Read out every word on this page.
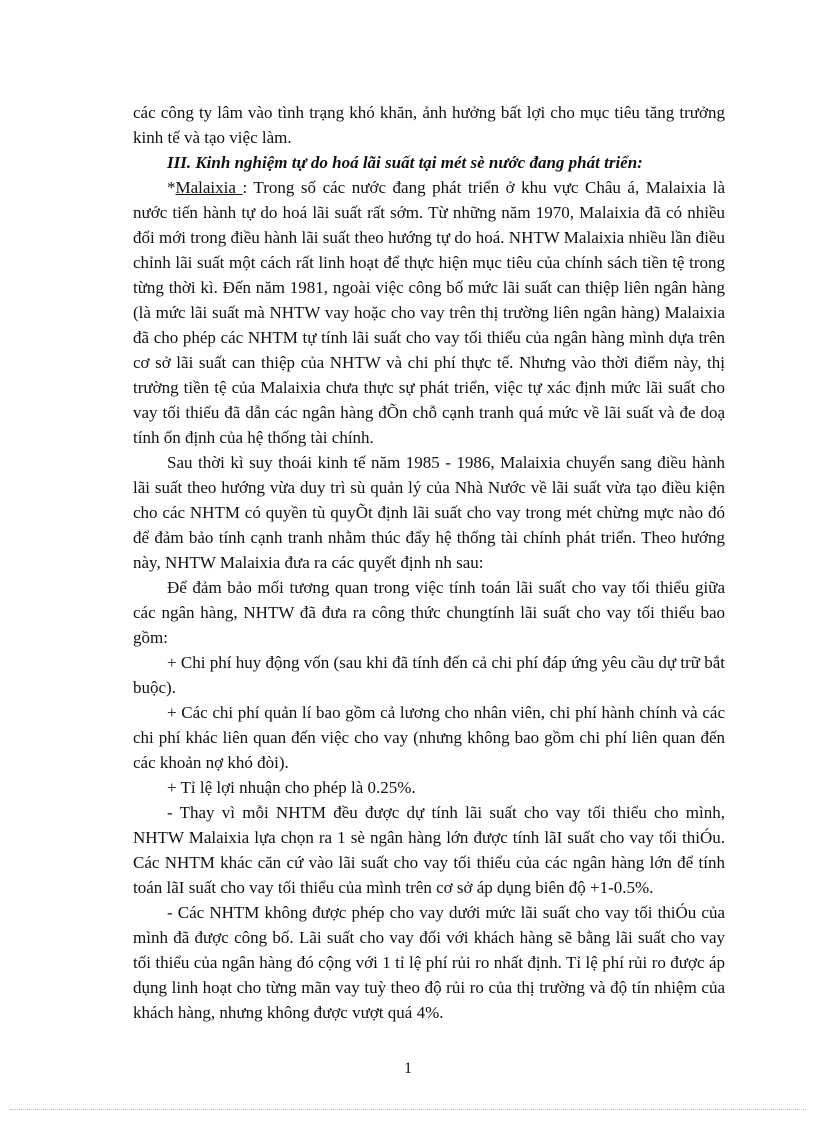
các công ty lâm vào tình trạng khó khăn, ảnh hưởng bất lợi cho mục tiêu tăng trưởng kinh tế và tạo việc làm.

III. Kinh nghiệm tự do hoá lãi suất tại mét sè nước đang phát triển:

*Malaixia : Trong số các nước đang phát triển ở khu vực Châu á, Malaixia là nước tiến hành tự do hoá lãi suất rất sớm. Từ những năm 1970, Malaixia đã có nhiều đổi mới trong điều hành lãi suất theo hướng tự do hoá. NHTW Malaixia nhiều lần điều chỉnh lãi suất một cách rất linh hoạt để thực hiện mục tiêu của chính sách tiền tệ trong từng thời kì. Đến năm 1981, ngoài việc công bố mức lãi suất can thiệp liên ngân hàng (là mức lãi suất mà NHTW vay hoặc cho vay trên thị trường liên ngân hàng) Malaixia đã cho phép các NHTM tự tính lãi suất cho vay tối thiểu của ngân hàng mình dựa trên cơ sở lãi suất can thiệp của NHTW và chi phí thực tế. Nhưng vào thời điểm này, thị trường tiền tệ của Malaixia chưa thực sự phát triển, việc tự xác định mức lãi suất cho vay tối thiểu đã dẫn các ngân hàng đÕn chỗ cạnh tranh quá mức về lãi suất và đe doạ tính ổn định của hệ thống tài chính.

Sau thời kì suy thoái kinh tế năm 1985 - 1986, Malaixia chuyển sang điều hành lãi suất theo hướng vừa duy trì sù quản lý của Nhà Nước về lãi suất vừa tạo điều kiện cho các NHTM có quyền tù quyÕt định lãi suất cho vay trong mét chừng mực nào đó để đảm bảo tính cạnh tranh nhằm thúc đẩy hệ thống tài chính phát triển. Theo hướng này, NHTW Malaixia đưa ra các quyết định nh sau:

Để đảm bảo mối tương quan trong việc tính toán lãi suất cho vay tối thiểu giữa các ngân hàng, NHTW đã đưa ra công thức chungtính lãi suất cho vay tối thiểu bao gồm:

+ Chi phí huy động vốn (sau khi đã tính đến cả chi phí đáp ứng yêu cầu dự trữ bắt buộc).

+ Các chi phí quản lí bao gồm cả lương cho nhân viên, chi phí hành chính và các chi phí khác liên quan đến việc cho vay (nhưng không bao gồm chi phí liên quan đến các khoản nợ khó đòi).

+ Tỉ lệ lợi nhuận cho phép là 0.25%.

- Thay vì mỗi NHTM đều được dự tính lãi suất cho vay tối thiểu cho mình, NHTW Malaixia lựa chọn ra 1 sè ngân hàng lớn được tính lãI suất cho vay tối thiÓu. Các NHTM khác căn cứ vào lãi suất cho vay tối thiểu của các ngân hàng lớn để tính toán lãI suất cho vay tối thiểu của mình trên cơ sở áp dụng biên độ +1-0.5%.

- Các NHTM không được phép cho vay dưới mức lãi suất cho vay tối thiÓu của mình đã được công bố. Lãi suất cho vay đối với khách hàng sẽ bằng lãi suất cho vay tối thiểu của ngân hàng đó cộng với 1 tỉ lệ phí rủi ro nhất định. Tỉ lệ phí rủi ro được áp dụng linh hoạt cho từng mãn vay tuỳ theo độ rủi ro của thị trường và độ tín nhiệm của khách hàng, nhưng không được vượt quá 4%.

1
